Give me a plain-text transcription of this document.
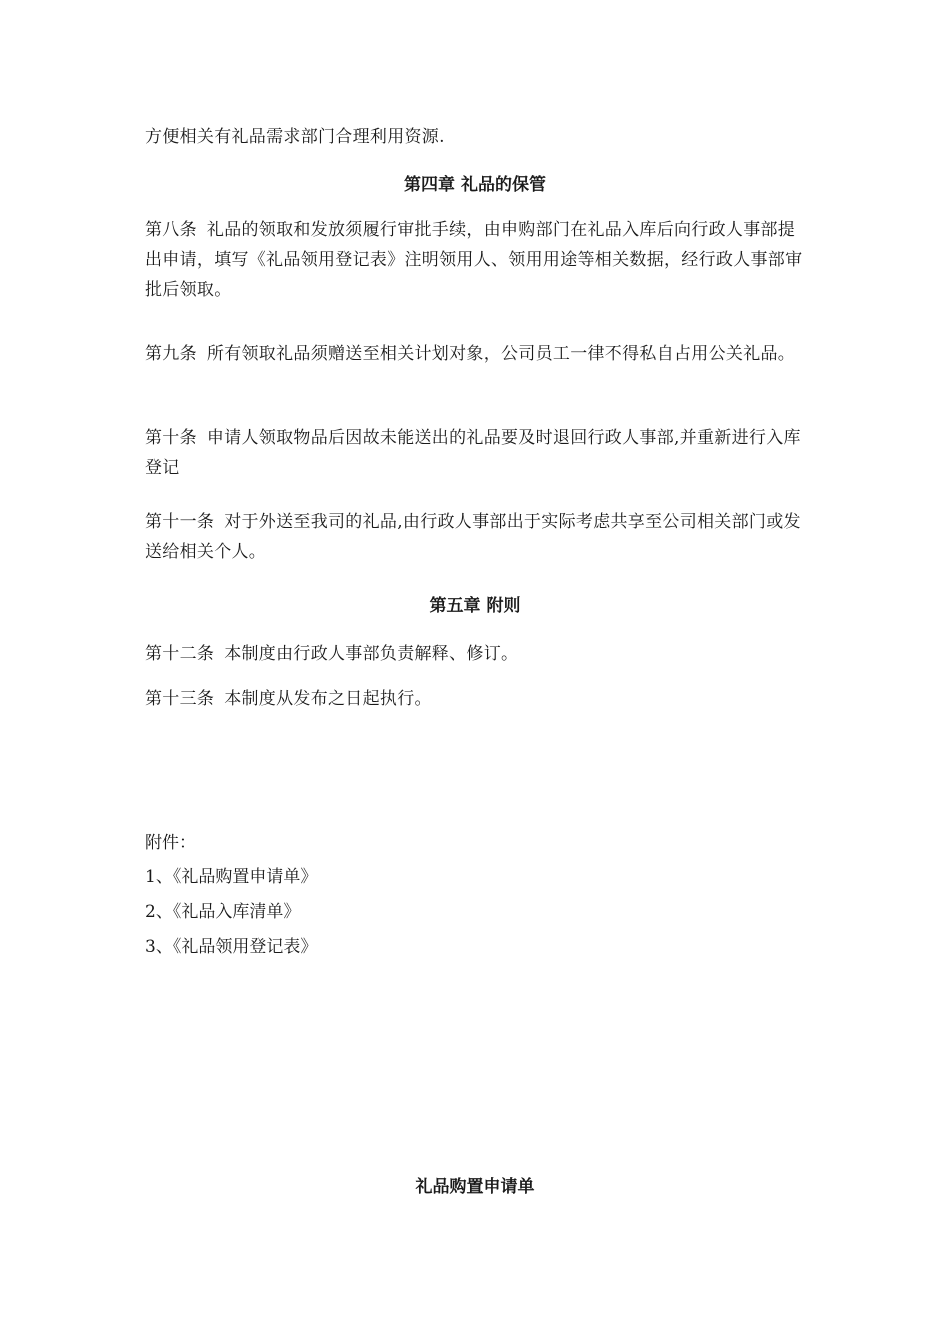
方便相关有礼品需求部门合理利用资源.

第四章 礼品的保管

第八条 礼品的领取和发放须履行审批手续，由申购部门在礼品入库后向行政人事部提出申请，填写《礼品领用登记表》注明领用人、领用用途等相关数据，经行政人事部审批后领取。

第九条 所有领取礼品须赠送至相关计划对象，公司员工一律不得私自占用公关礼品。

第十条 申请人领取物品后因故未能送出的礼品要及时退回行政人事部,并重新进行入库登记

第十一条 对于外送至我司的礼品,由行政人事部出于实际考虑共享至公司相关部门或发送给相关个人。

第五章 附则

第十二条 本制度由行政人事部负责解释、修订。

第十三条 本制度从发布之日起执行。

附件：

1、《礼品购置申请单》

2、《礼品入库清单》

3、《礼品领用登记表》

礼品购置申请单
